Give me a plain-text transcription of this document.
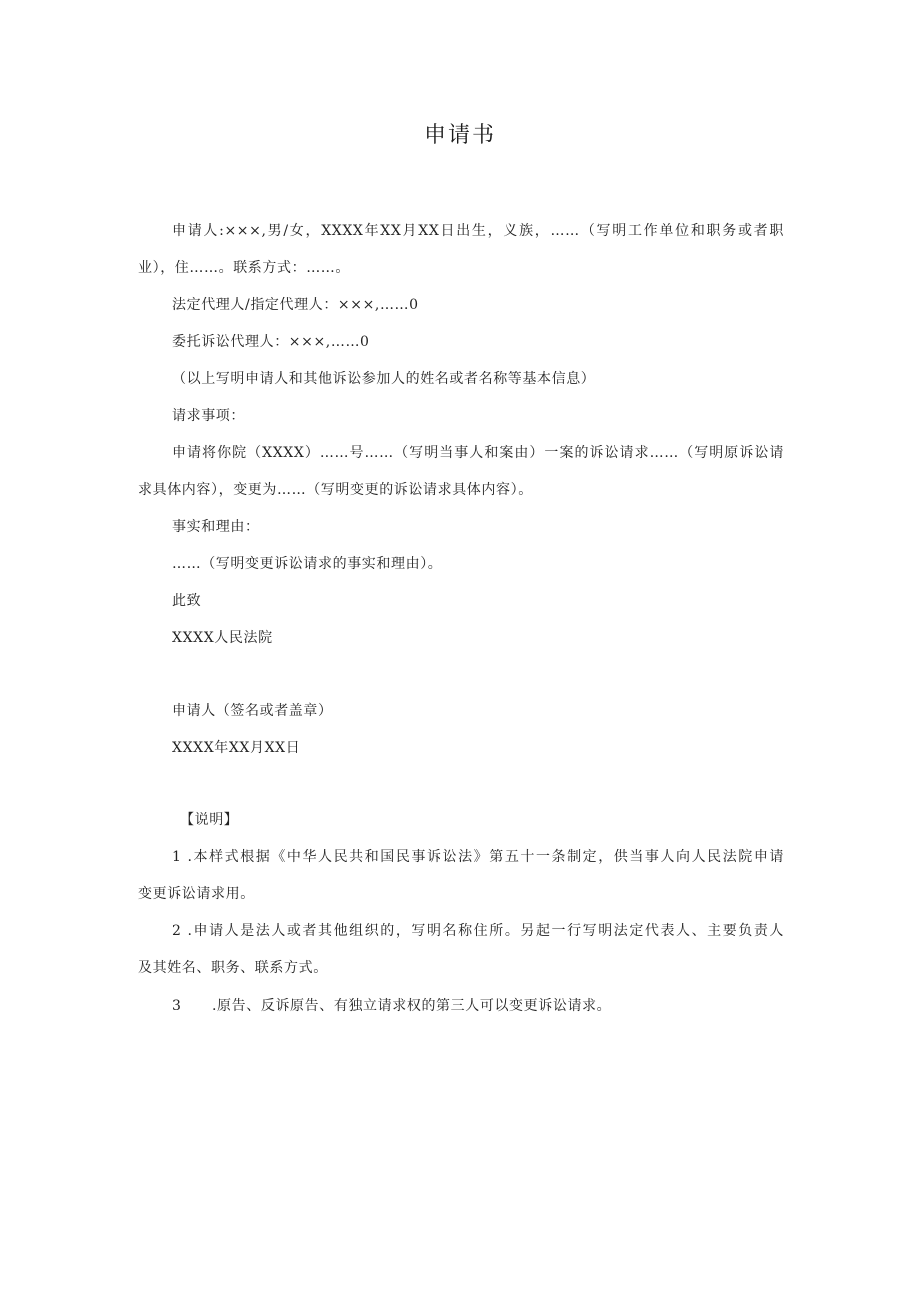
申请书
申请人:×××,男/女，XXXX年XX月XX日出生，义族，……（写明工作单位和职务或者职
业），住……。联系方式：……。
法定代理人/指定代理人：×××,……0
委托诉讼代理人：×××,……0
（以上写明申请人和其他诉讼参加人的姓名或者名称等基本信息）
请求事项：
申请将你院（XXXX）……号……（写明当事人和案由）一案的诉讼请求……（写明原诉讼请
求具体内容），变更为……（写明变更的诉讼请求具体内容）。
事实和理由：
……（写明变更诉讼请求的事实和理由）。
此致
XXXX人民法院
申请人（签名或者盖章）
XXXX年XX月XX日
【说明】
1 .本样式根据《中华人民共和国民事诉讼法》第五十一条制定，供当事人向人民法院申请
变更诉讼请求用。
2 .申请人是法人或者其他组织的，写明名称住所。另起一行写明法定代表人、主要负责人
及其姓名、职务、联系方式。
3 .原告、反诉原告、有独立请求权的第三人可以变更诉讼请求。
